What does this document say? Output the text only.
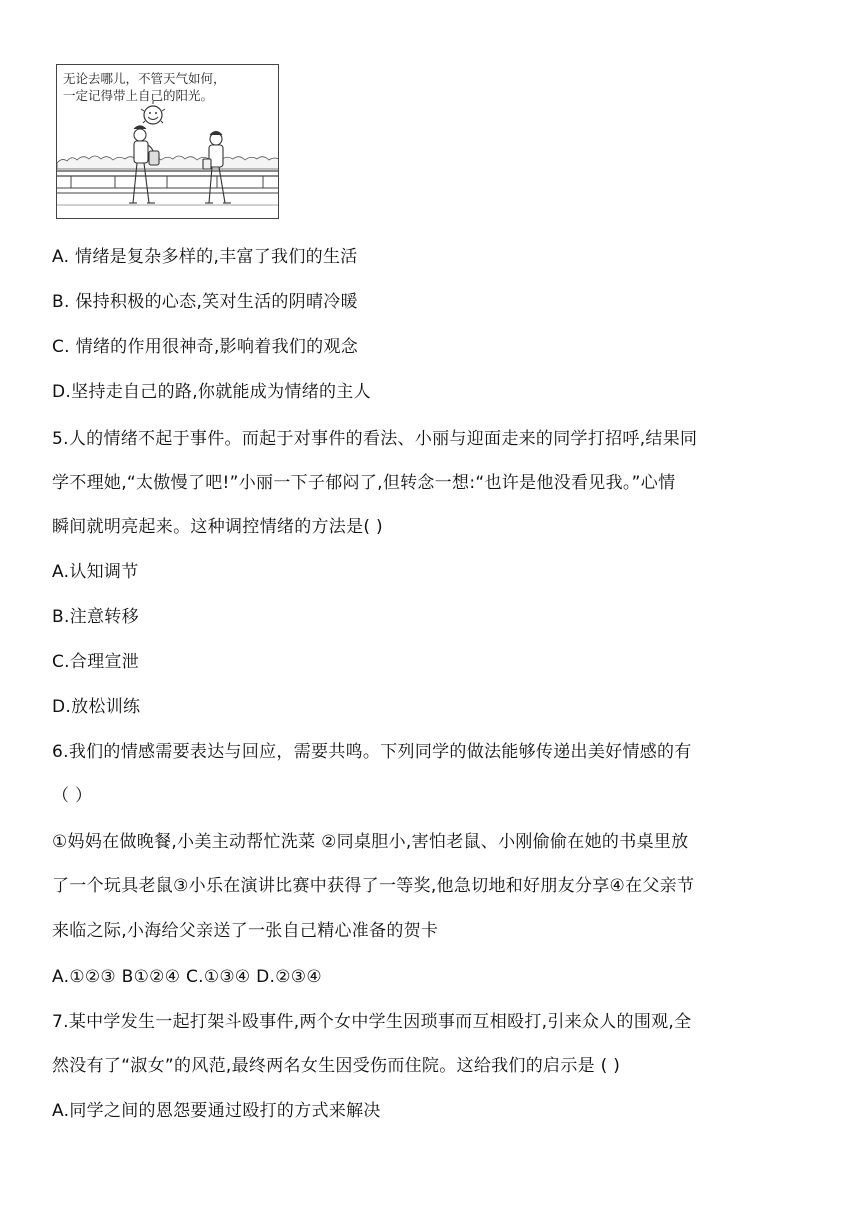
无论去哪儿，不管天气如何，
一定记得带上自己的阳光。
A. 情绪是复杂多样的,丰富了我们的生活
B. 保持积极的心态,笑对生活的阴晴冷暖
C. 情绪的作用很神奇,影响着我们的观念
D.坚持走自己的路,你就能成为情绪的主人
5.人的情绪不起于事件。而起于对事件的看法、小丽与迎面走来的同学打招呼,结果同
学不理她,“太傲慢了吧!”小丽一下子郁闷了,但转念一想:“也许是他没看见我。”心情
瞬间就明亮起来。这种调控情绪的方法是( )
A.认知调节
B.注意转移
C.合理宣泄
D.放松训练
6.我们的情感需要表达与回应，需要共鸣。下列同学的做法能够传递出美好情感的有
（ ）
①妈妈在做晚餐,小美主动帮忙洗菜 ②同桌胆小,害怕老鼠、小刚偷偷在她的书桌里放
了一个玩具老鼠③小乐在演讲比赛中获得了一等奖,他急切地和好朋友分享④在父亲节
来临之际,小海给父亲送了一张自己精心准备的贺卡
A.①②③ B①②④ C.①③④ D.②③④
7.某中学发生一起打架斗殴事件,两个女中学生因琐事而互相殴打,引来众人的围观,全
然没有了“淑女”的风范,最终两名女生因受伤而住院。这给我们的启示是 ( )
A.同学之间的恩怨要通过殴打的方式来解决
